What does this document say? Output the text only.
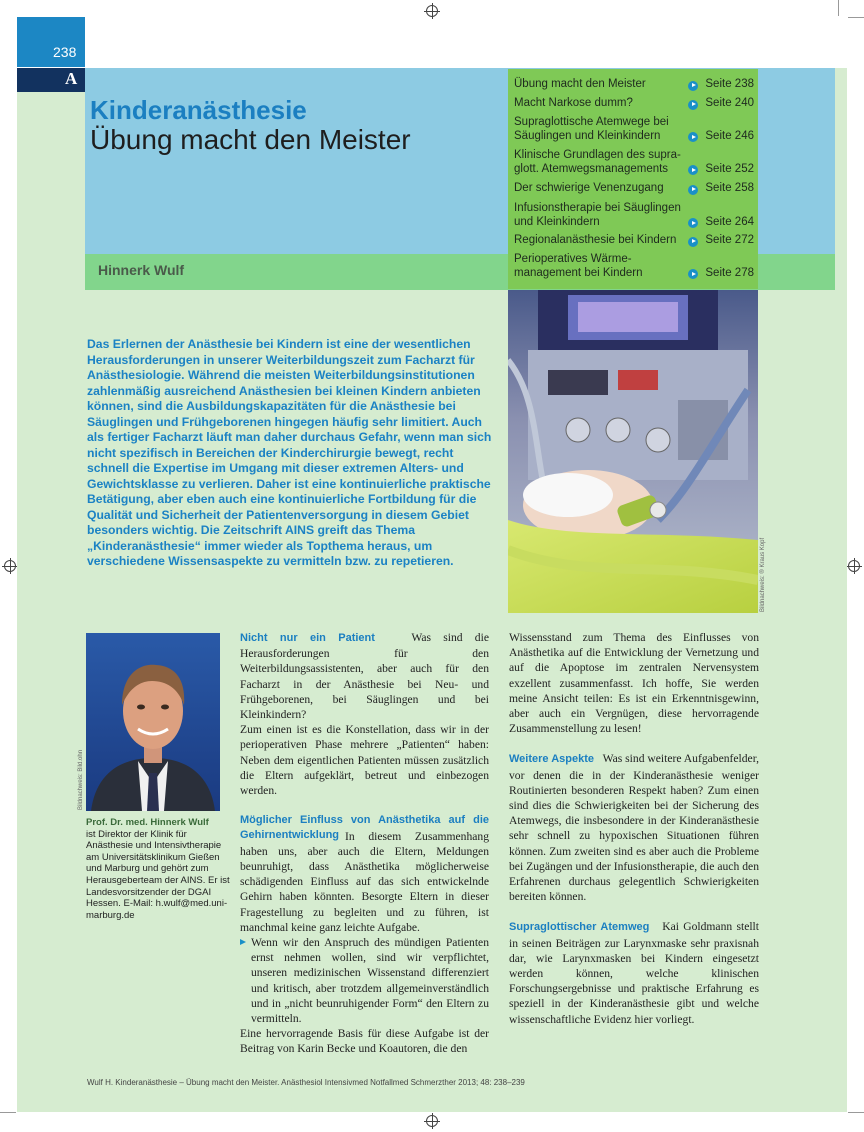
238
A
Kinderanästhesie
Übung macht den Meister
Hinnerk Wulf
Übung macht den Meister	Seite 238
Macht Narkose dumm?	Seite 240
Supraglottische Atemwege bei Säuglingen und Kleinkindern	Seite 246
Klinische Grundlagen des supra-glott. Atemwegsmanagements	Seite 252
Der schwierige Venenzugang	Seite 258
Infusionstherapie bei Säuglingen und Kleinkindern	Seite 264
Regionalanästhesie bei Kindern	Seite 272
Perioperatives Wärme-management bei Kindern	Seite 278
Das Erlernen der Anästhesie bei Kindern ist eine der wesentlichen Herausforderungen in unserer Weiterbildungszeit zum Facharzt für Anästhesiologie. Während die meisten Weiterbildungsinstitutionen zahlenmäßig ausreichend Anästhesien bei kleinen Kindern anbieten können, sind die Ausbildungskapazitäten für die Anästhesie bei Säuglingen und Frühgeborenen hingegen häufig sehr limitiert. Auch als fertiger Facharzt läuft man daher durchaus Gefahr, wenn man sich nicht spezifisch in Bereichen der Kinderchirurgie bewegt, recht schnell die Expertise im Umgang mit dieser extremen Alters- und Gewichtsklasse zu verlieren. Daher ist eine kontinuierliche praktische Betätigung, aber eben auch eine kontinuierliche Fortbildung für die Qualität und Sicherheit der Patientenversorgung in diesem Gebiet besonders wichtig. Die Zeitschrift AINS greift das Thema „Kinderanästhesie“ immer wieder als Topthema heraus, um verschiedene Wissensaspekte zu vermitteln bzw. zu repetieren.	Bildnachweis: ® Kraus Kopf
Bildnachweis: Bild.ohn
Prof. Dr. med. Hinnerk Wulf
ist Direktor der Klinik für Anästhesie und Intensivtherapie am Universitätsklinikum Gießen und Marburg und gehört zum Herausgeberteam der AINS. Er ist Landesvorsitzender der DGAI Hessen. E-Mail: h.wulf@med.uni-marburg.de

Nicht nur ein Patient	Was sind die Herausforderungen für den Weiterbildungsassistenten, aber auch für den Facharzt in der Anästhesie bei Neu- und Frühgeborenen, bei Säuglingen und bei Kleinkindern?

Zum einen ist es die Konstellation, dass wir in der perioperativen Phase mehrere „Patienten“ haben: Neben dem eigentlichen Patienten müssen zusätzlich die Eltern aufgeklärt, betreut und einbezogen werden.

Möglicher Einfluss von Anästhetika auf die Gehirnentwicklung In diesem Zusammenhang haben uns, aber auch die Eltern, Meldungen beunruhigt, dass Anästhetika möglicherweise schädigenden Einfluss auf das sich entwickelnde Gehirn haben könnten. Besorgte Eltern in dieser Fragestellung zu begleiten und zu führen, ist manchmal keine ganz leichte Aufgabe.

Wenn wir den Anspruch des mündigen Patienten ernst nehmen wollen, sind wir verpflichtet, unseren medizinischen Wissenstand differenziert und kritisch, aber trotzdem allgemeinverständlich und in „nicht beunruhigender Form“ den Eltern zu vermitteln.

Eine hervorragende Basis für diese Aufgabe ist der Beitrag von Karin Becke und Koautoren, die den

Wissensstand zum Thema des Einflusses von Anästhetika auf die Entwicklung der Vernetzung und auf die Apoptose im zentralen Nervensystem exzellent zusammenfasst. Ich hoffe, Sie werden meine Ansicht teilen: Es ist ein Erkenntnisgewinn, aber auch ein Vergnügen, diese hervorragende Zusammenstellung zu lesen!

Weitere Aspekte Was sind weitere Aufgabenfelder, vor denen die in der Kinderanästhesie weniger Routinierten besonderen Respekt haben? Zum einen sind dies die Schwierigkeiten bei der Sicherung des Atemwegs, die insbesondere in der Kinderanästhesie sehr schnell zu hypoxischen Situationen führen können. Zum zweiten sind es aber auch die Probleme bei Zugängen und der Infusionstherapie, die auch den Erfahrenen durchaus gelegentlich Schwierigkeiten bereiten können.

Supraglottischer Atemweg Kai Goldmann stellt in seinen Beiträgen zur Larynxmaske sehr praxisnah dar, wie Larynxmasken bei Kindern eingesetzt werden können, welche klinischen Forschungsergebnisse und praktische Erfahrung es speziell in der Kinderanästhesie gibt und welche wissenschaftliche Evidenz hier vorliegt.

Wulf H. Kinderanästhesie – Übung macht den Meister. Anästhesiol Intensivmed Notfallmed Schmerzther 2013; 48: 238–239
